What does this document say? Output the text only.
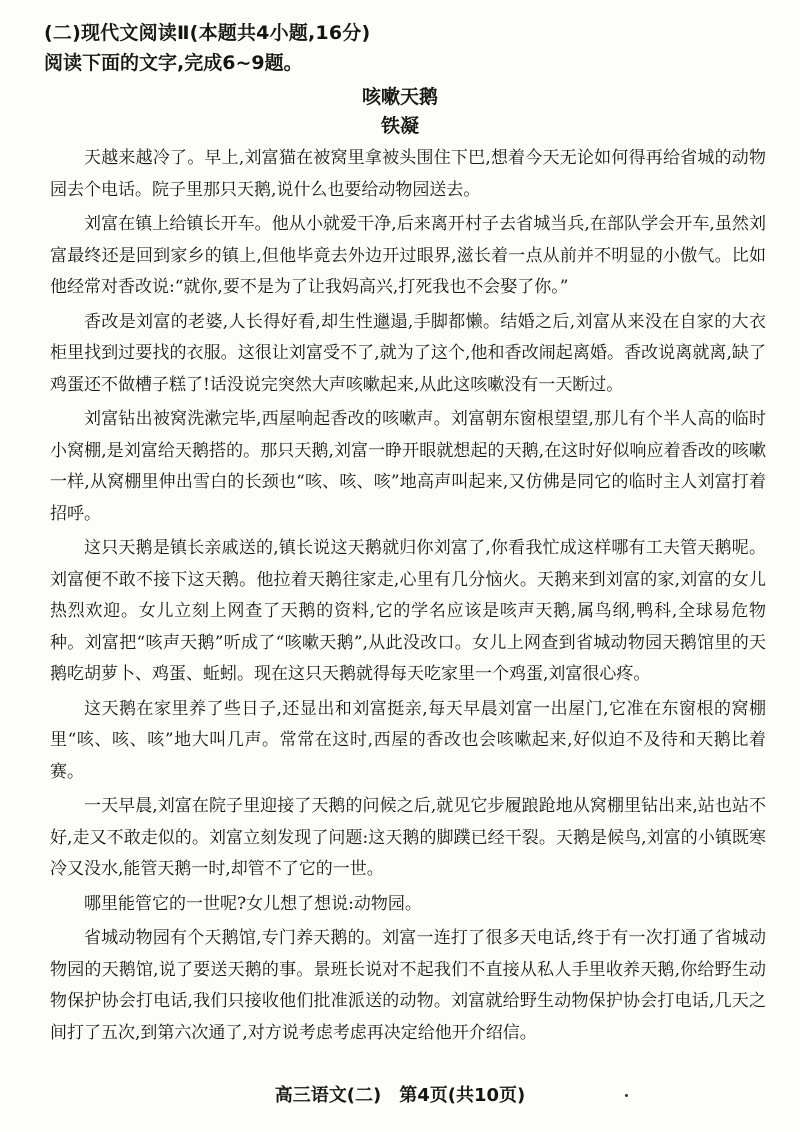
(二)现代文阅读Ⅱ(本题共4小题,16分)
阅读下面的文字,完成6~9题。
咳嗽天鹅
铁凝

天越来越冷了。早上,刘富猫在被窝里拿被头围住下巴,想着今天无论如何得再给省城的动物园去个电话。院子里那只天鹅,说什么也要给动物园送去。

刘富在镇上给镇长开车。他从小就爱干净,后来离开村子去省城当兵,在部队学会开车,虽然刘富最终还是回到家乡的镇上,但他毕竟去外边开过眼界,滋长着一点从前并不明显的小傲气。比如他经常对香改说:“就你,要不是为了让我妈高兴,打死我也不会娶了你。”

香改是刘富的老婆,人长得好看,却生性邋遢,手脚都懒。结婚之后,刘富从来没在自家的大衣柜里找到过要找的衣服。这很让刘富受不了,就为了这个,他和香改闹起离婚。香改说离就离,缺了鸡蛋还不做槽子糕了!话没说完突然大声咳嗽起来,从此这咳嗽没有一天断过。

刘富钻出被窝洗漱完毕,西屋响起香改的咳嗽声。刘富朝东窗根望望,那儿有个半人高的临时小窝棚,是刘富给天鹅搭的。那只天鹅,刘富一睁开眼就想起的天鹅,在这时好似响应着香改的咳嗽一样,从窝棚里伸出雪白的长颈也“咳、咳、咳”地高声叫起来,又仿佛是同它的临时主人刘富打着招呼。

这只天鹅是镇长亲戚送的,镇长说这天鹅就归你刘富了,你看我忙成这样哪有工夫管天鹅呢。刘富便不敢不接下这天鹅。他拉着天鹅往家走,心里有几分恼火。天鹅来到刘富的家,刘富的女儿热烈欢迎。女儿立刻上网查了天鹅的资料,它的学名应该是咳声天鹅,属鸟纲,鸭科,全球易危物种。刘富把“咳声天鹅”听成了“咳嗽天鹅”,从此没改口。女儿上网查到省城动物园天鹅馆里的天鹅吃胡萝卜、鸡蛋、蚯蚓。现在这只天鹅就得每天吃家里一个鸡蛋,刘富很心疼。

这天鹅在家里养了些日子,还显出和刘富挺亲,每天早晨刘富一出屋门,它准在东窗根的窝棚里“咳、咳、咳”地大叫几声。常常在这时,西屋的香改也会咳嗽起来,好似迫不及待和天鹅比着赛。

一天早晨,刘富在院子里迎接了天鹅的问候之后,就见它步履踉跄地从窝棚里钻出来,站也站不好,走又不敢走似的。刘富立刻发现了问题:这天鹅的脚蹼已经干裂。天鹅是候鸟,刘富的小镇既寒冷又没水,能管天鹅一时,却管不了它的一世。

哪里能管它的一世呢?女儿想了想说:动物园。

省城动物园有个天鹅馆,专门养天鹅的。刘富一连打了很多天电话,终于有一次打通了省城动物园的天鹅馆,说了要送天鹅的事。景班长说对不起我们不直接从私人手里收养天鹅,你给野生动物保护协会打电话,我们只接收他们批准派送的动物。刘富就给野生动物保护协会打电话,几天之间打了五次,到第六次通了,对方说考虑考虑再决定给他开介绍信。

高三语文(二)　第4页(共10页)
